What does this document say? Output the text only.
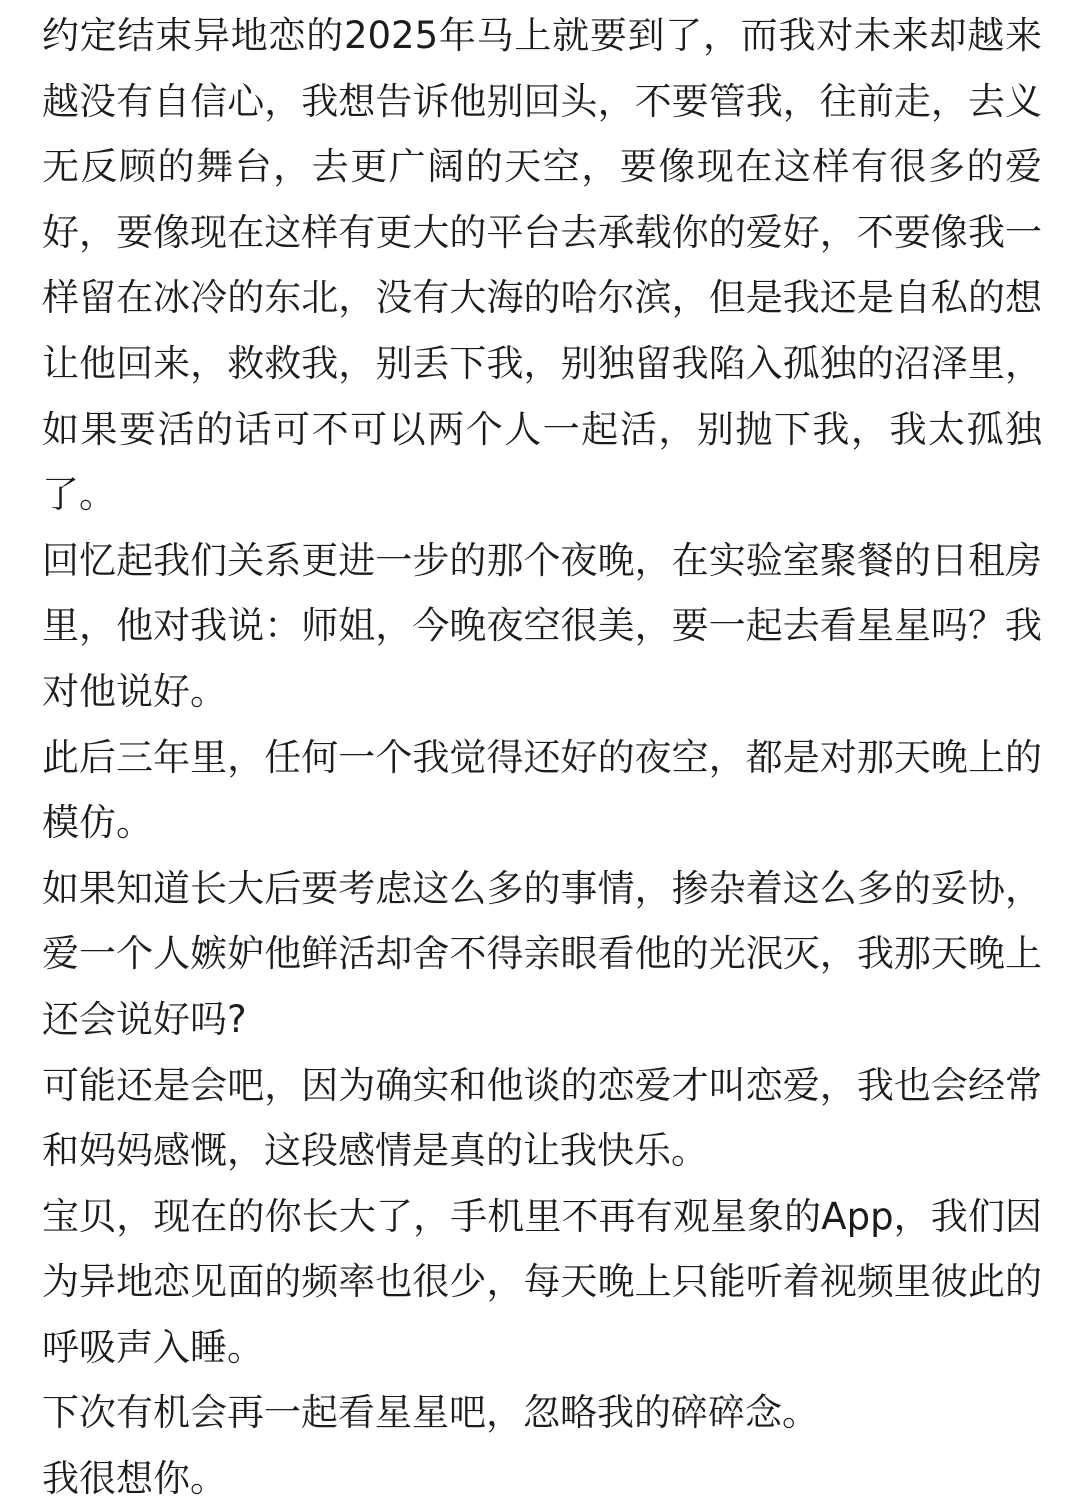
约定结束异地恋的2025年马上就要到了，而我对未来却越来越没有自信心，我想告诉他别回头，不要管我，往前走，去义无反顾的舞台，去更广阔的天空，要像现在这样有很多的爱好，要像现在这样有更大的平台去承载你的爱好，不要像我一样留在冰冷的东北，没有大海的哈尔滨，但是我还是自私的想让他回来，救救我，别丢下我，别独留我陷入孤独的沼泽里，如果要活的话可不可以两个人一起活，别抛下我，我太孤独了。

回忆起我们关系更进一步的那个夜晚，在实验室聚餐的日租房里，他对我说：师姐，今晚夜空很美，要一起去看星星吗？我对他说好。

此后三年里，任何一个我觉得还好的夜空，都是对那天晚上的模仿。

如果知道长大后要考虑这么多的事情，掺杂着这么多的妥协，爱一个人嫉妒他鲜活却舍不得亲眼看他的光泯灭，我那天晚上还会说好吗?

可能还是会吧，因为确实和他谈的恋爱才叫恋爱，我也会经常和妈妈感慨，这段感情是真的让我快乐。

宝贝，现在的你长大了，手机里不再有观星象的App，我们因为异地恋见面的频率也很少，每天晚上只能听着视频里彼此的呼吸声入睡。

下次有机会再一起看星星吧，忽略我的碎碎念。

我很想你。
